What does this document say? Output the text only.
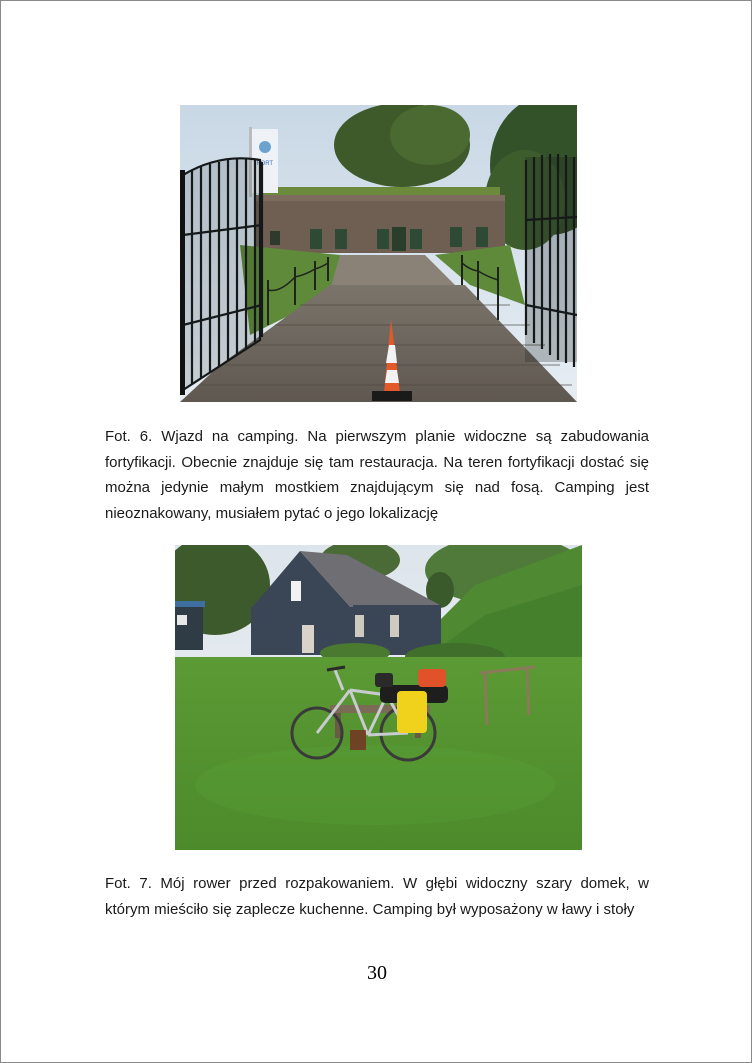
FORT

Fot. 6. Wjazd na camping. Na pierwszym planie widoczne są zabudowania fortyfikacji. Obecnie znajduje się tam restauracja. Na teren fortyfikacji dostać się można jedynie małym mostkiem znajdującym się nad fosą. Camping jest nieoznakowany, musiałem pytać o jego lokalizację

Fot. 7. Mój rower przed rozpakowaniem. W głębi widoczny szary domek, w którym mieściło się zaplecze kuchenne. Camping był wyposażony w ławy i stoły

30
